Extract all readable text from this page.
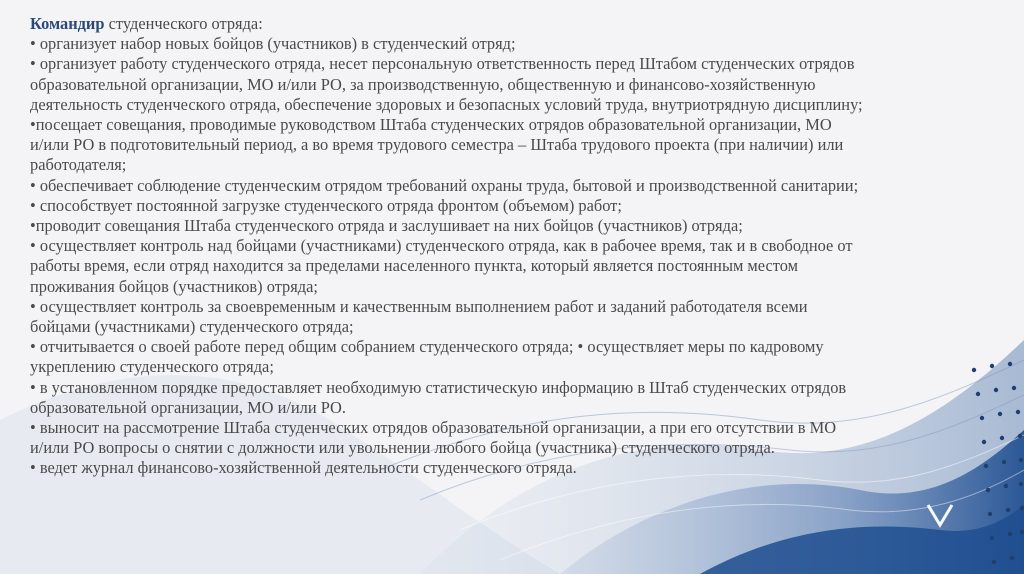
Командир студенческого отряда:
• организует набор новых бойцов (участников) в студенческий отряд;
• организует работу студенческого отряда, несет персональную ответственность перед Штабом студенческих отрядов
образовательной организации, МО и/или РО, за производственную, общественную и финансово-хозяйственную
деятельность студенческого отряда, обеспечение здоровых и безопасных условий труда, внутриотрядную дисциплину;
•посещает совещания, проводимые руководством Штаба студенческих отрядов образовательной организации, МО
и/или РО в подготовительный период, а во время трудового семестра – Штаба трудового проекта (при наличии) или
работодателя;
• обеспечивает соблюдение студенческим отрядом требований охраны труда, бытовой и производственной санитарии;
• способствует постоянной загрузке студенческого отряда фронтом (объемом) работ;
•проводит совещания Штаба студенческого отряда и заслушивает на них бойцов (участников) отряда;
• осуществляет контроль над бойцами (участниками) студенческого отряда, как в рабочее время, так и в свободное от
работы время, если отряд находится за пределами населенного пункта, который является постоянным местом
проживания бойцов (участников) отряда;
• осуществляет контроль за своевременным и качественным выполнением работ и заданий работодателя всеми
бойцами (участниками) студенческого отряда;
• отчитывается о своей работе перед общим собранием студенческого отряда; • осуществляет меры по кадровому
укреплению студенческого отряда;
• в установленном порядке предоставляет необходимую статистическую информацию в Штаб студенческих отрядов
образовательной организации, МО и/или РО.
• выносит на рассмотрение Штаба студенческих отрядов образовательной организации, а при его отсутствии в МО
и/или РО вопросы о снятии с должности или увольнении любого бойца (участника) студенческого отряда.
• ведет журнал финансово-хозяйственной деятельности студенческого отряда.
